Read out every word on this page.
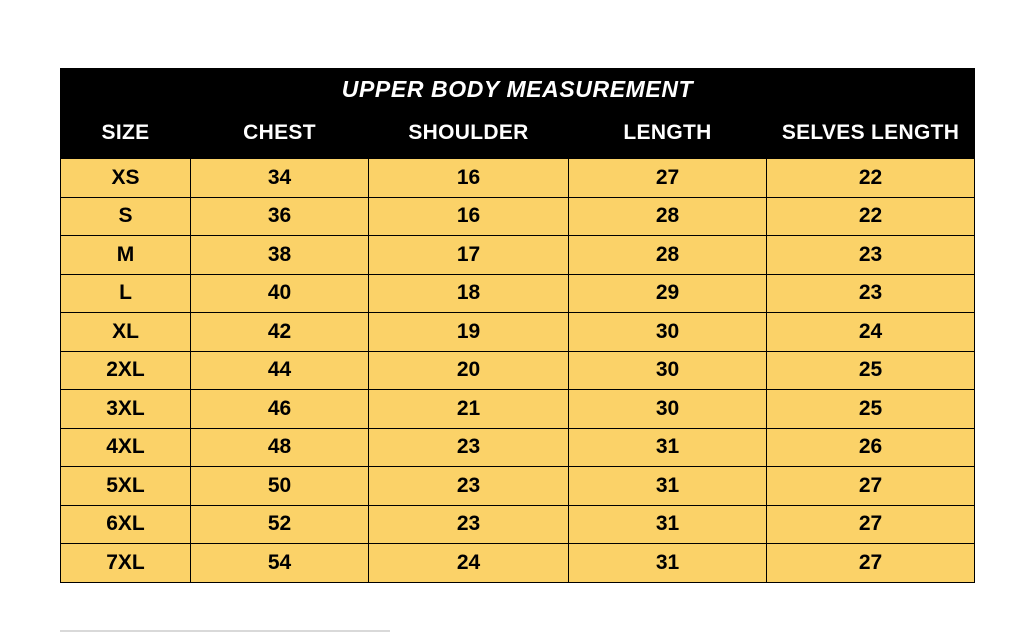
UPPER BODY MEASUREMENT				
SIZE	CHEST	SHOULDER	LENGTH	SELVES LENGTH
XS	34	16	27	22
S	36	16	28	22
M	38	17	28	23
L	40	18	29	23
XL	42	19	30	24
2XL	44	20	30	25
3XL	46	21	30	25
4XL	48	23	31	26
5XL	50	23	31	27
6XL	52	23	31	27
7XL	54	24	31	27
